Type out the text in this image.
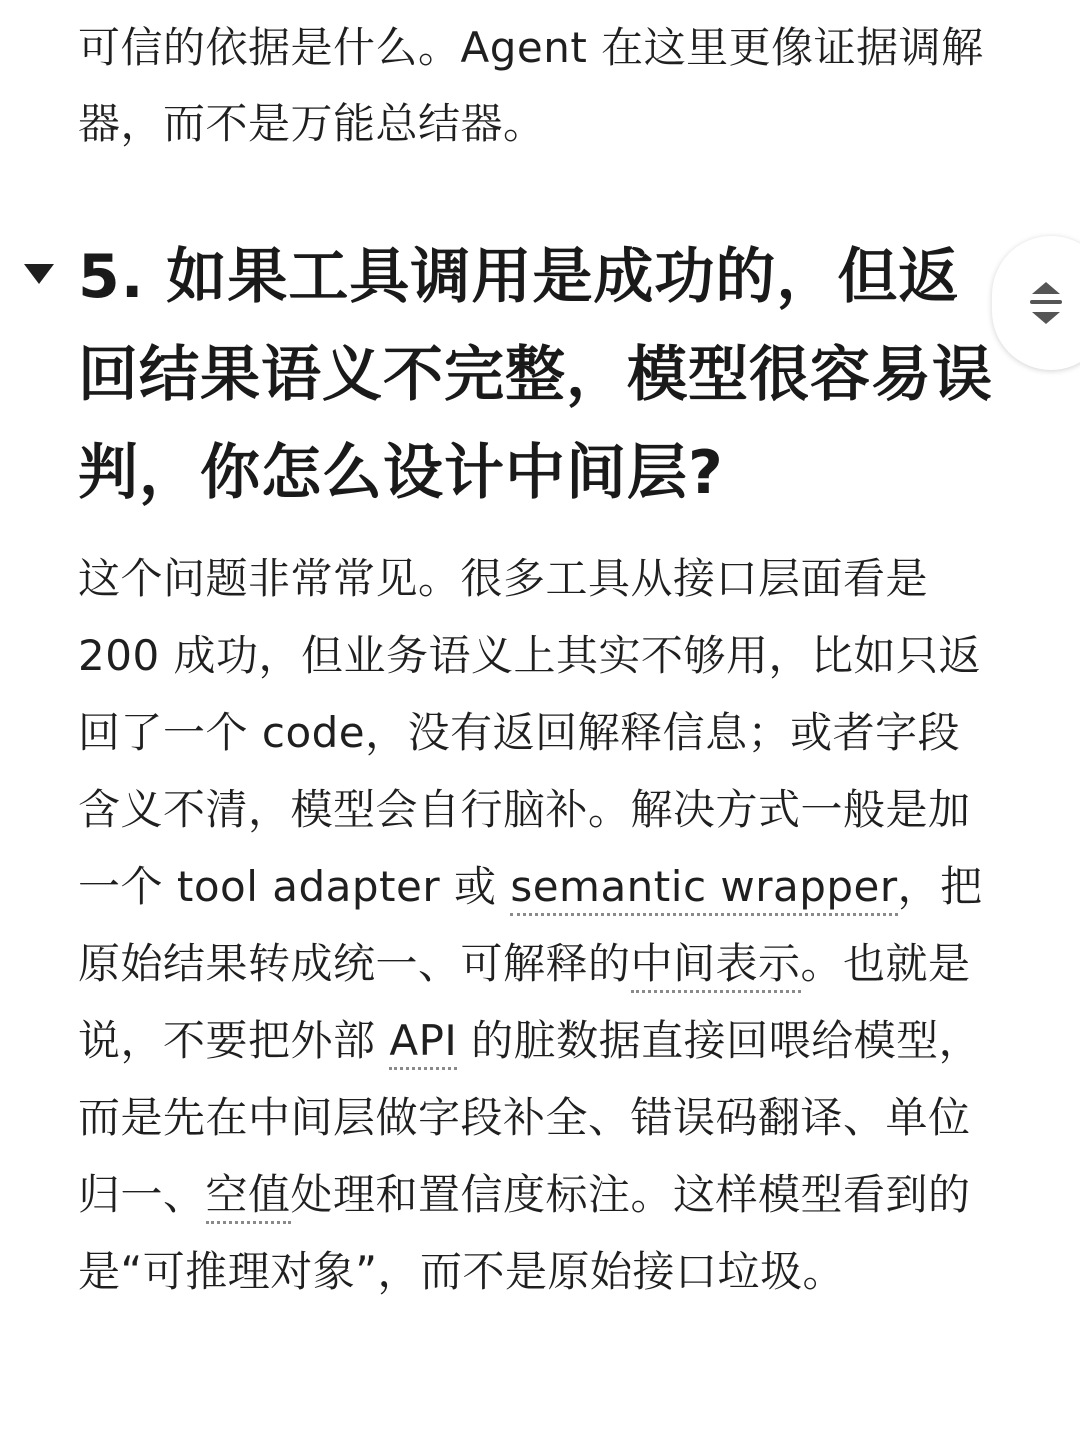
可信的依据是什么。Agent 在这里更像证据调解器，而不是万能总结器。

5. 如果工具调用是成功的，但返回结果语义不完整，模型很容易误判，你怎么设计中间层?

这个问题非常常见。很多工具从接口层面看是 200 成功，但业务语义上其实不够用，比如只返回了一个 code，没有返回解释信息；或者字段含义不清，模型会自行脑补。解决方式一般是加一个 tool adapter 或 semantic wrapper，把原始结果转成统一、可解释的中间表示。也就是说，不要把外部 API 的脏数据直接回喂给模型，而是先在中间层做字段补全、错误码翻译、单位归一、空值处理和置信度标注。这样模型看到的是“可推理对象”，而不是原始接口垃圾。
